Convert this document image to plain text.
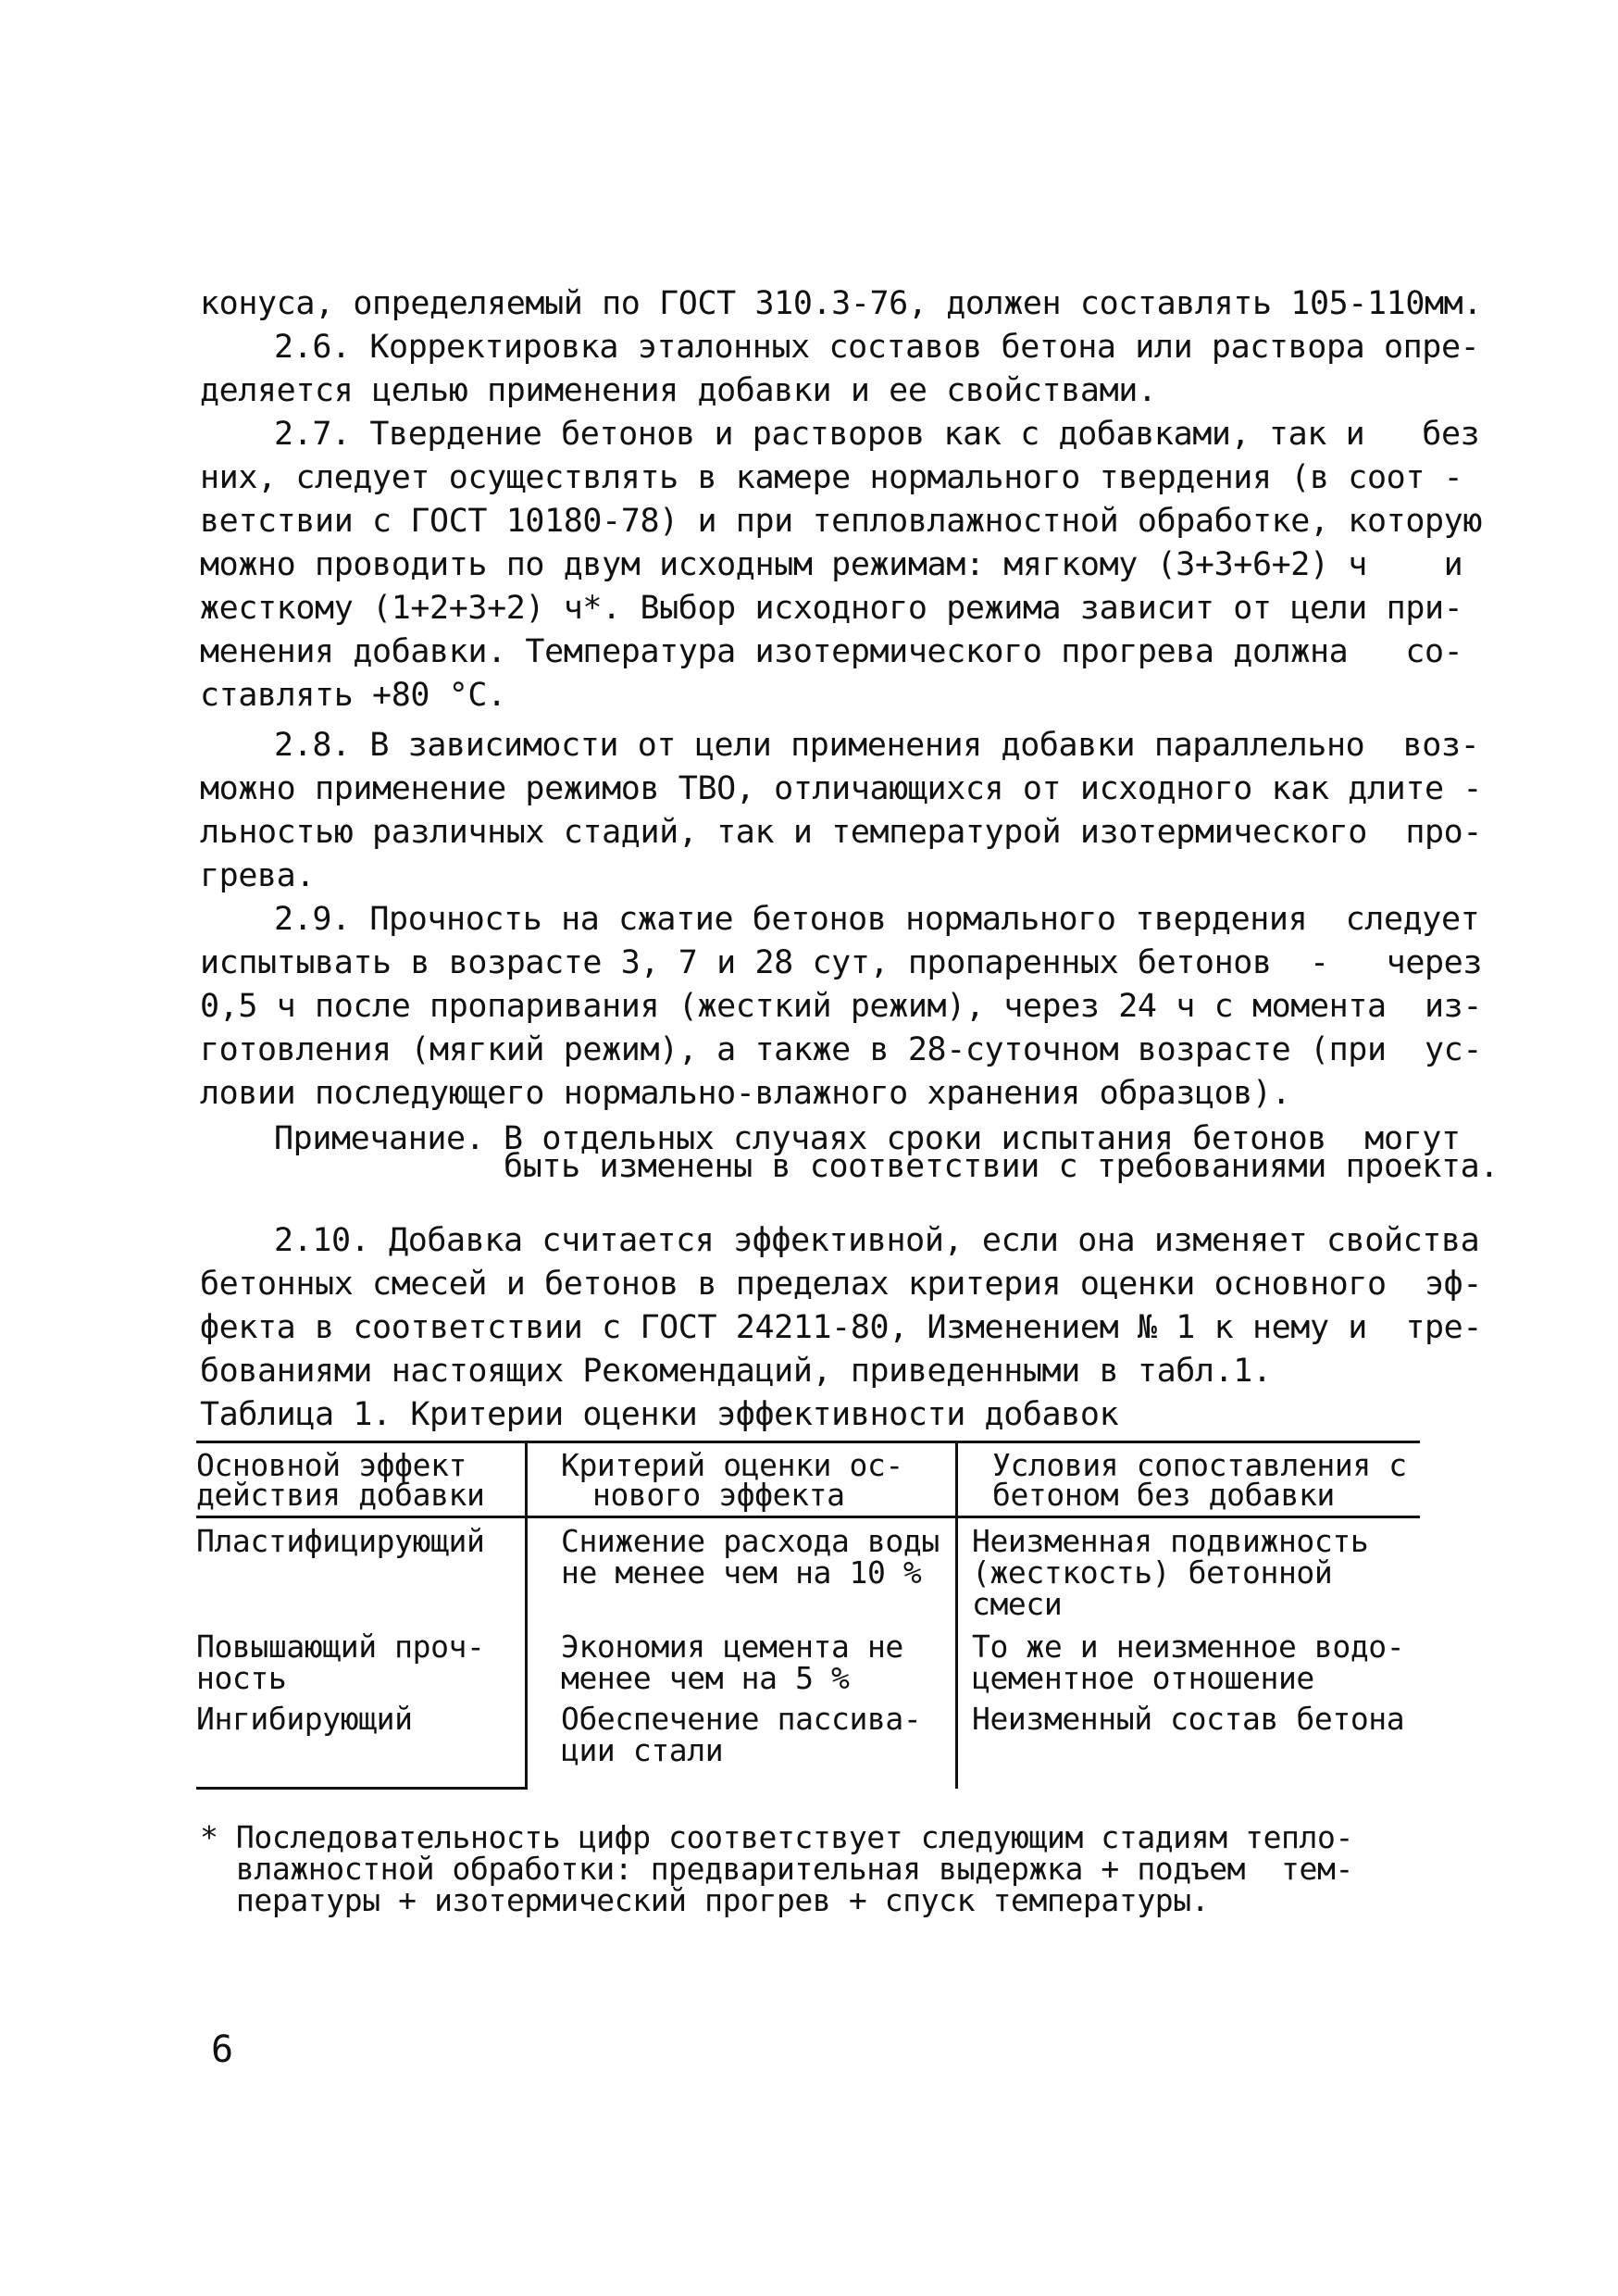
конуса, определяемый по ГОСТ 310.3-76, должен составлять 105-110мм.
2.6. Корректировка эталонных составов бетона или раствора опре-
деляется целью применения добавки и ее свойствами.
2.7. Твердение бетонов и растворов как с добавками, так и   без
них, следует осуществлять в камере нормального твердения (в соот -
ветствии с ГОСТ 10180-78) и при тепловлажностной обработке, которую
можно проводить по двум исходным режимам: мягкому (3+3+6+2) ч    и
жесткому (1+2+3+2) ч*. Выбор исходного режима зависит от цели при-
менения добавки. Температура изотермического прогрева должна   со-
ставлять +80 °С.
2.8. В зависимости от цели применения добавки параллельно  воз-
можно применение режимов ТВО, отличающихся от исходного как длите -
льностью различных стадий, так и температурой изотермического  про-
грева.
2.9. Прочность на сжатие бетонов нормального твердения  следует
испытывать в возрасте 3, 7 и 28 сут, пропаренных бетонов  -   через
0,5 ч после пропаривания (жесткий режим), через 24 ч с момента  из-
готовления (мягкий режим), а также в 28-суточном возрасте (при  ус-
ловии последующего нормально-влажного хранения образцов).
Примечание. В отдельных случаях сроки испытания бетонов  могут
быть изменены в соответствии с требованиями проекта.
2.10. Добавка считается эффективной, если она изменяет свойства
бетонных смесей и бетонов в пределах критерия оценки основного  эф-
фекта в соответствии с ГОСТ 24211-80, Изменением № 1 к нему и  тре-
бованиями настоящих Рекомендаций, приведенными в табл.1.
Таблица 1. Критерии оценки эффективности добавок
Основной эффект
действия добавки
Критерий оценки ос-
нового эффекта
Условия сопоставления с
бетоном без добавки
Пластифицирующий	Снижение расхода воды
не менее чем на 10 %
Неизменная подвижность
(жесткость) бетонной
смеси
Повышающий проч-
ность
Экономия цемента не
менее чем на 5 %
То же и неизменное водо-
цементное отношение
Ингибирующий	Обеспечение пассива-
ции стали
Неизменный состав бетона
* Последовательность цифр соответствует следующим стадиям тепло-
влажностной обработки: предварительная выдержка + подъем  тем-
пературы + изотермический прогрев + спуск температуры.
6
